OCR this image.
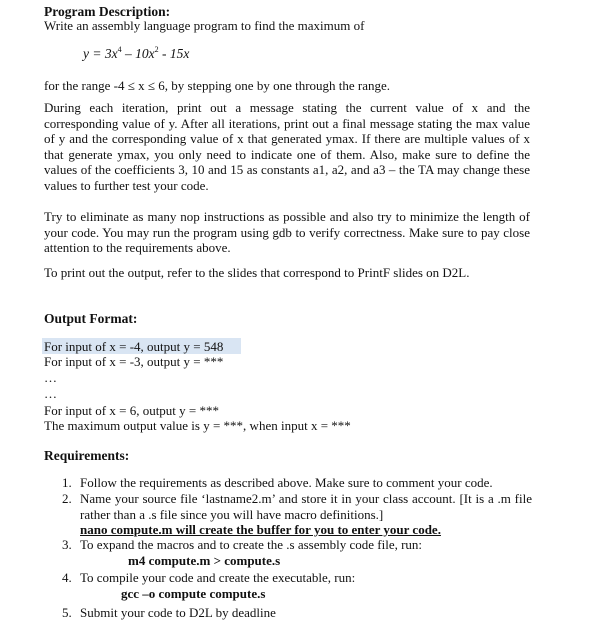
Program Description:
Write an assembly language program to find the maximum of
$y = 3x^4 - 10x^2 - 15x$
for the range -4 ≤ x ≤ 6, by stepping one by one through the range.
During each iteration, print out a message stating the current value of x and the corresponding value of y. After all iterations, print out a final message stating the max value of y and the corresponding value of x that generated ymax. If there are multiple values of x that generate ymax, you only need to indicate one of them. Also, make sure to define the values of the coefficients 3, 10 and 15 as constants a1, a2, and a3 – the TA may change these values to further test your code.
Try to eliminate as many nop instructions as possible and also try to minimize the length of your code. You may run the program using gdb to verify correctness. Make sure to pay close attention to the requirements above.
To print out the output, refer to the slides that correspond to PrintF slides on D2L.
Output Format:
For input of x = -4, output y = 548
For input of x = -3, output y = ***
…
…
For input of x = 6, output y = ***
The maximum output value is y = ***, when input x = ***
Requirements:
1. Follow the requirements as described above. Make sure to comment your code.
2. Name your source file ‘lastname2.m’ and store it in your class account. [It is a .m file rather than a .s file since you will have macro definitions.]
nano compute.m will create the buffer for you to enter your code.
3. To expand the macros and to create the .s assembly code file, run:
m4 compute.m > compute.s
4. To compile your code and create the executable, run:
gcc –o compute compute.s
5. Submit your code to D2L by deadline
